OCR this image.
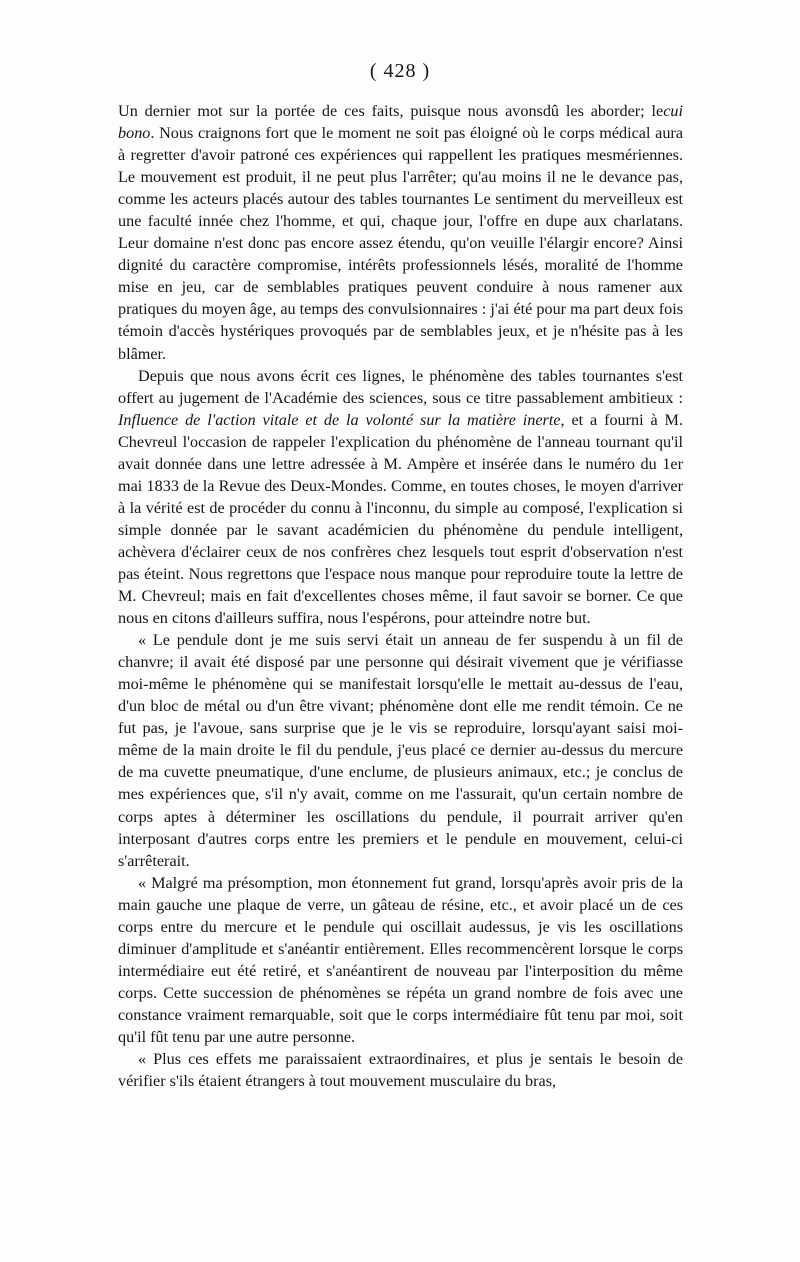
( 428 )

Un dernier mot sur la portée de ces faits, puisque nous avonsdû les aborder; lecui bono. Nous craignons fort que le moment ne soit pas éloigné où le corps médical aura à regretter d'avoir patroné ces expériences qui rappellent les pratiques mesmériennes. Le mouvement est produit, il ne peut plus l'arrêter; qu'au moins il ne le devance pas, comme les acteurs placés autour des tables tournantes Le sentiment du merveilleux est une faculté innée chez l'homme, et qui, chaque jour, l'offre en dupe aux charlatans. Leur domaine n'est donc pas encore assez étendu, qu'on veuille l'élargir encore? Ainsi dignité du caractère compromise, intérêts professionnels lésés, moralité de l'homme mise en jeu, car de semblables pratiques peuvent conduire à nous ramener aux pratiques du moyen âge, au temps des convulsionnaires : j'ai été pour ma part deux fois témoin d'accès hystériques provoqués par de semblables jeux, et je n'hésite pas à les blâmer.

Depuis que nous avons écrit ces lignes, le phénomène des tables tournantes s'est offert au jugement de l'Académie des sciences, sous ce titre passablement ambitieux : Influence de l'action vitale et de la volonté sur la matière inerte, et a fourni à M. Chevreul l'occasion de rappeler l'explication du phénomène de l'anneau tournant qu'il avait donnée dans une lettre adressée à M. Ampère et insérée dans le numéro du 1er mai 1833 de la Revue des Deux-Mondes. Comme, en toutes choses, le moyen d'arriver à la vérité est de procéder du connu à l'inconnu, du simple au composé, l'explication si simple donnée par le savant académicien du phénomène du pendule intelligent, achèvera d'éclairer ceux de nos confrères chez lesquels tout esprit d'observation n'est pas éteint. Nous regrettons que l'espace nous manque pour reproduire toute la lettre de M. Chevreul; mais en fait d'excellentes choses même, il faut savoir se borner. Ce que nous en citons d'ailleurs suffira, nous l'espérons, pour atteindre notre but.

« Le pendule dont je me suis servi était un anneau de fer suspendu à un fil de chanvre; il avait été disposé par une personne qui désirait vivement que je vérifiasse moi-même le phénomène qui se manifestait lorsqu'elle le mettait au-dessus de l'eau, d'un bloc de métal ou d'un être vivant; phénomène dont elle me rendit témoin. Ce ne fut pas, je l'avoue, sans surprise que je le vis se reproduire, lorsqu'ayant saisi moi-même de la main droite le fil du pendule, j'eus placé ce dernier au-dessus du mercure de ma cuvette pneumatique, d'une enclume, de plusieurs animaux, etc.; je conclus de mes expériences que, s'il n'y avait, comme on me l'assurait, qu'un certain nombre de corps aptes à déterminer les oscillations du pendule, il pourrait arriver qu'en interposant d'autres corps entre les premiers et le pendule en mouvement, celui-ci s'arrêterait.

« Malgré ma présomption, mon étonnement fut grand, lorsqu'après avoir pris de la main gauche une plaque de verre, un gâteau de résine, etc., et avoir placé un de ces corps entre du mercure et le pendule qui oscillait audessus, je vis les oscillations diminuer d'amplitude et s'anéantir entièrement. Elles recommencèrent lorsque le corps intermédiaire eut été retiré, et s'anéantirent de nouveau par l'interposition du même corps. Cette succession de phénomènes se répéta un grand nombre de fois avec une constance vraiment remarquable, soit que le corps intermédiaire fût tenu par moi, soit qu'il fût tenu par une autre personne.

« Plus ces effets me paraissaient extraordinaires, et plus je sentais le besoin de vérifier s'ils étaient étrangers à tout mouvement musculaire du bras,
